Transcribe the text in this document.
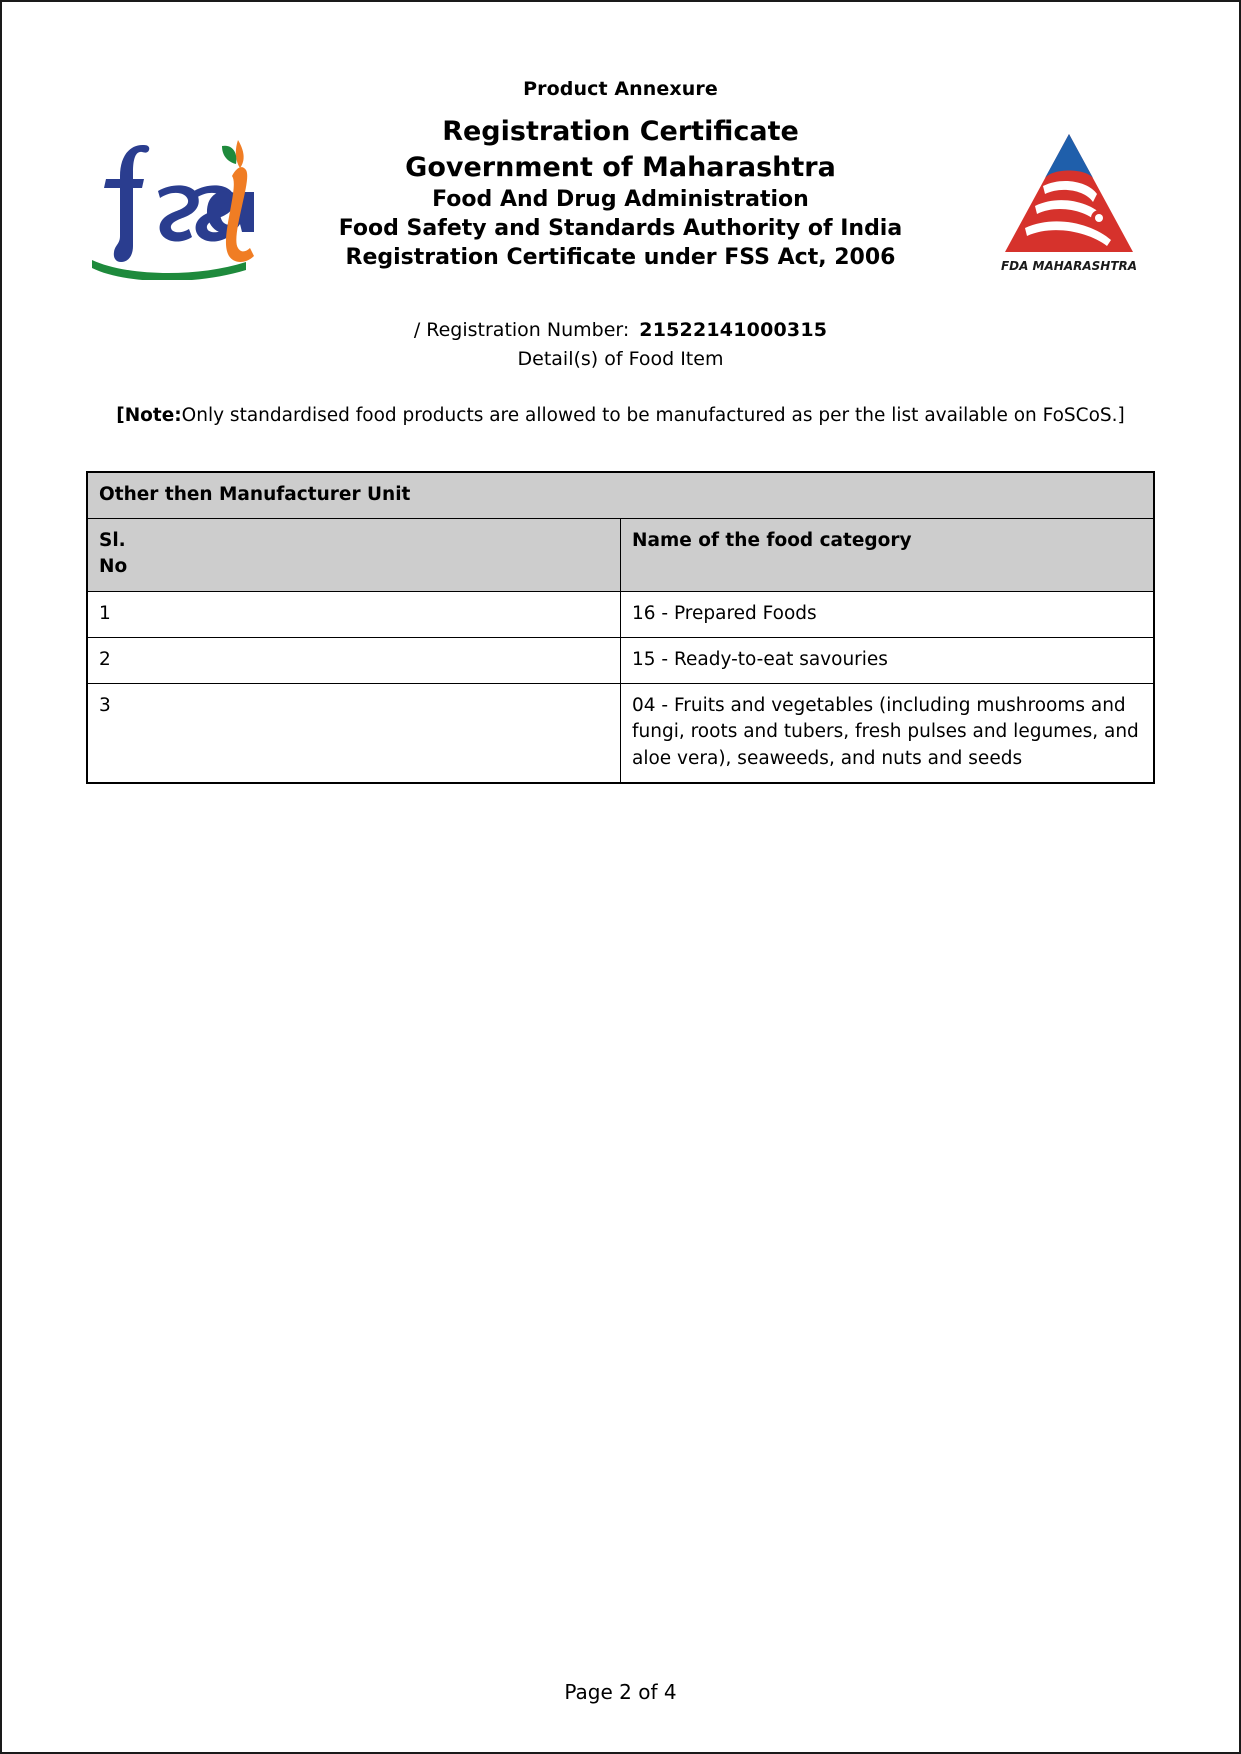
Product Annexure
FDA MAHARASHTRA
Registration Certificate
Government of Maharashtra
Food And Drug Administration
Food Safety and Standards Authority of India
Registration Certificate under FSS Act, 2006
/ Registration Number: 21522141000315
Detail(s) of Food Item
[Note:Only standardised food products are allowed to be manufactured as per the list available on FoSCoS.]
Other then Manufacturer Unit	

Sl.
No	Name of the food category
1	16 - Prepared Foods
2	15 - Ready-to-eat savouries
3	04 - Fruits and vegetables (including mushrooms and fungi, roots and tubers, fresh pulses and legumes, and aloe vera), seaweeds, and nuts and seeds
Page 2 of 4
